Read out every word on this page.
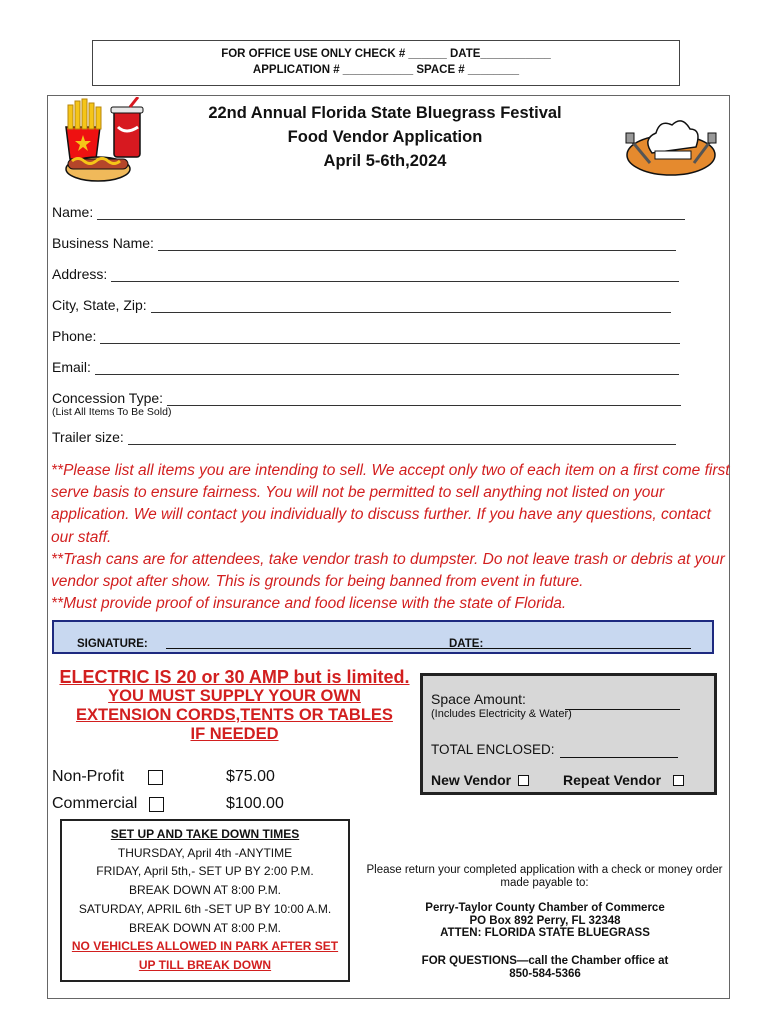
FOR OFFICE USE ONLY CHECK # ______ DATE___________
APPLICATION # ___________ SPACE # ________
22nd Annual Florida State Bluegrass Festival
Food Vendor Application
April 5-6th,2024
Name:
Business Name:
Address:
City, State, Zip:
Phone:
Email:
Concession Type:
(List All Items To Be Sold)
Trailer size:
**Please list all items you are intending to sell. We accept only two of each item on a first come first serve basis to ensure fairness. You will not be permitted to sell anything not listed on your application. We will contact you individually to discuss further. If you have any questions, contact our staff.
**Trash cans are for attendees, take vendor trash to dumpster. Do not leave trash or debris at your vendor spot after show. This is grounds for being banned from event in future.
**Must provide proof of insurance and food license with the state of Florida.
SIGNATURE:	DATE:
ELECTRIC IS 20 or 30 AMP but is limited.
YOU MUST SUPPLY YOUR OWN
EXTENSION CORDS,TENTS OR TABLES
IF NEEDED
Space Amount:
(Includes Electricity & Water)
TOTAL ENCLOSED:
New Vendor	Repeat Vendor
Non-Profit	$75.00
Commercial	$100.00
SET UP AND TAKE DOWN TIMES
THURSDAY, April 4th -ANYTIME
FRIDAY, April 5th,- SET UP BY 2:00 P.M.
BREAK DOWN AT 8:00 P.M.
SATURDAY, APRIL 6th -SET UP BY 10:00 A.M.
BREAK DOWN AT 8:00 P.M.
NO VEHICLES ALLOWED IN PARK AFTER SET
UP TILL BREAK DOWN
Please return your completed application with a check or money order made payable to:
Perry-Taylor County Chamber of Commerce
PO Box 892 Perry, FL 32348
ATTEN: FLORIDA STATE BLUEGRASS
FOR QUESTIONS—call the Chamber office at
850-584-5366
